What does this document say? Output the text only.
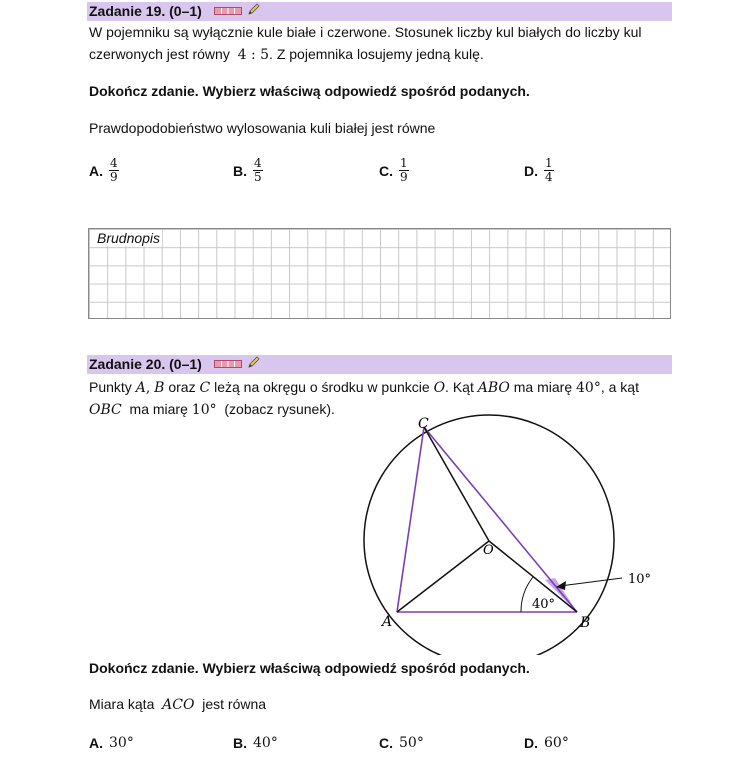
Zadanie 19. (0–1)
W pojemniku są wyłącznie kule białe i czerwone. Stosunek liczby kul białych do liczby kul
czerwonych jest równy 4 : 5. Z pojemnika losujemy jedną kulę.
Dokończ zdanie. Wybierz właściwą odpowiedź spośród podanych.
Prawdopodobieństwo wylosowania kuli białej jest równe
A. $\frac{4}{9}$	B. $\frac{4}{5}$	C. $\frac{1}{9}$	D. $\frac{1}{4}$
Brudnopis
Zadanie 20. (0–1)
Punkty A, B oraz C leżą na okręgu o środku w punkcie O. Kąt ABO ma miarę 40°, a kąt
OBC ma miarę 10° (zobacz rysunek).
A	B
C
O
40°
10°
Dokończ zdanie. Wybierz właściwą odpowiedź spośród podanych.
Miara kąta ACO jest równa
A. 30°	B. 40°	C. 50°	D. 60°
